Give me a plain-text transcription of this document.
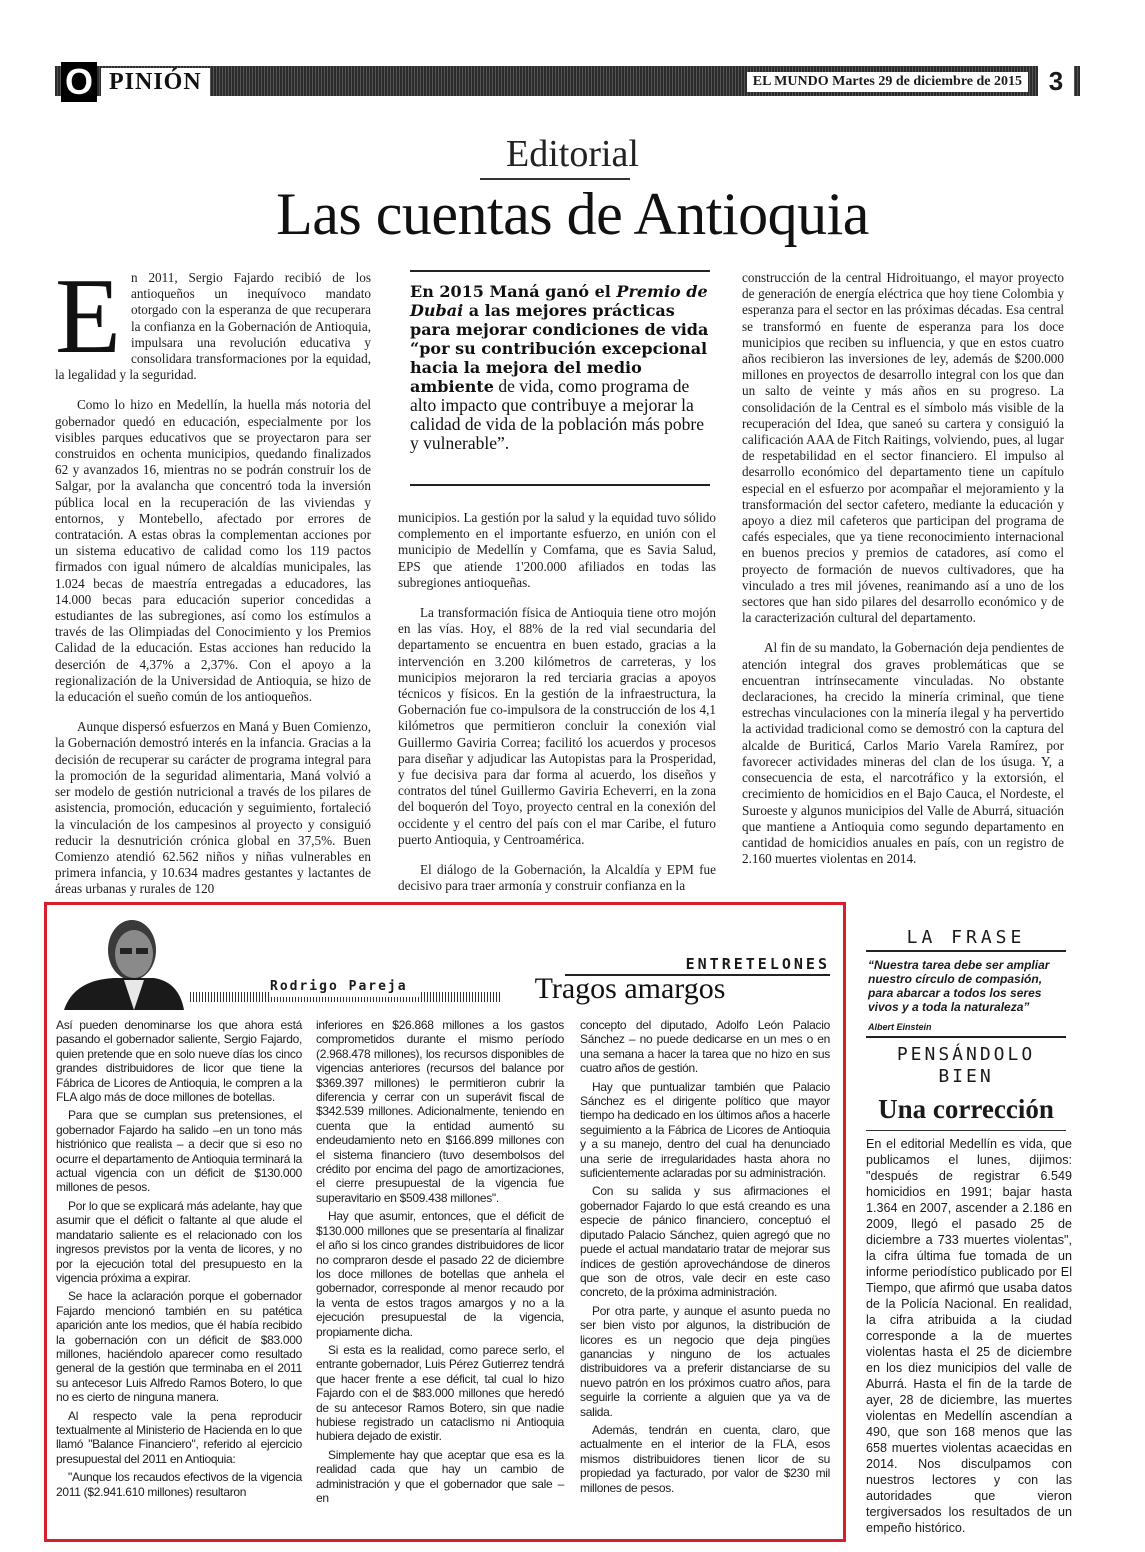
O PINIÓN	EL MUNDO Martes 29 de diciembre de 2015	3
Editorial
Las cuentas de Antioquia

En 2011, Sergio Fajardo recibió de los antioqueños un inequívoco mandato otorgado con la esperanza de que recuperara la confianza en la Gobernación de Antioquia, impulsara una revolución educativa y consolidara transformaciones por la equidad, la legalidad y la seguridad.

Como lo hizo en Medellín, la huella más notoria del gobernador quedó en educación, especialmente por los visibles parques educativos que se proyectaron para ser construidos en ochenta municipios, quedando finalizados 62 y avanzados 16, mientras no se podrán construir los de Salgar, por la avalancha que concentró toda la inversión pública local en la recuperación de las viviendas y entornos, y Montebello, afectado por errores de contratación. A estas obras la complementan acciones por un sistema educativo de calidad como los 119 pactos firmados con igual número de alcaldías municipales, las 1.024 becas de maestría entregadas a educadores, las 14.000 becas para educación superior concedidas a estudiantes de las subregiones, así como los estímulos a través de las Olimpiadas del Conocimiento y los Premios Calidad de la educación. Estas acciones han reducido la deserción de 4,37% a 2,37%. Con el apoyo a la regionalización de la Universidad de Antioquia, se hizo de la educación el sueño común de los antioqueños.

Aunque dispersó esfuerzos en Maná y Buen Comienzo, la Gobernación demostró interés en la infancia. Gracias a la decisión de recuperar su carácter de programa integral para la promoción de la seguridad alimentaria, Maná volvió a ser modelo de gestión nutricional a través de los pilares de asistencia, promoción, educación y seguimiento, fortaleció la vinculación de los campesinos al proyecto y consiguió reducir la desnutrición crónica global en 37,5%. Buen Comienzo atendió 62.562 niños y niñas vulnerables en primera infancia, y 10.634 madres gestantes y lactantes de áreas urbanas y rurales de 120

En 2015 Maná ganó el Premio de Dubai a las mejores prácticas para mejorar condiciones de vida “por su contribución excepcional hacia la mejora del medio ambiente de vida, como programa de alto impacto que contribuye a mejorar la calidad de vida de la población más pobre y vulnerable”.

municipios. La gestión por la salud y la equidad tuvo sólido complemento en el importante esfuerzo, en unión con el municipio de Medellín y Comfama, que es Savia Salud, EPS que atiende 1'200.000 afiliados en todas las subregiones antioqueñas.

La transformación física de Antioquia tiene otro mojón en las vías. Hoy, el 88% de la red vial secundaria del departamento se encuentra en buen estado, gracias a la intervención en 3.200 kilómetros de carreteras, y los municipios mejoraron la red terciaria gracias a apoyos técnicos y físicos. En la gestión de la infraestructura, la Gobernación fue co-impulsora de la construcción de los 4,1 kilómetros que permitieron concluir la conexión vial Guillermo Gaviria Correa; facilitó los acuerdos y procesos para diseñar y adjudicar las Autopistas para la Prosperidad, y fue decisiva para dar forma al acuerdo, los diseños y contratos del túnel Guillermo Gaviria Echeverri, en la zona del boquerón del Toyo, proyecto central en la conexión del occidente y el centro del país con el mar Caribe, el futuro puerto Antioquia, y Centroamérica.

El diálogo de la Gobernación, la Alcaldía y EPM fue decisivo para traer armonía y construir confianza en la

construcción de la central Hidroituango, el mayor proyecto de generación de energía eléctrica que hoy tiene Colombia y esperanza para el sector en las próximas décadas. Esa central se transformó en fuente de esperanza para los doce municipios que reciben su influencia, y que en estos cuatro años recibieron las inversiones de ley, además de $200.000 millones en proyectos de desarrollo integral con los que dan un salto de veinte y más años en su progreso. La consolidación de la Central es el símbolo más visible de la recuperación del Idea, que saneó su cartera y consiguió la calificación AAA de Fitch Raitings, volviendo, pues, al lugar de respetabilidad en el sector financiero. El impulso al desarrollo económico del departamento tiene un capítulo especial en el esfuerzo por acompañar el mejoramiento y la transformación del sector cafetero, mediante la educación y apoyo a diez mil cafeteros que participan del programa de cafés especiales, que ya tiene reconocimiento internacional en buenos precios y premios de catadores, así como el proyecto de formación de nuevos cultivadores, que ha vinculado a tres mil jóvenes, reanimando así a uno de los sectores que han sido pilares del desarrollo económico y de la caracterización cultural del departamento.

Al fin de su mandato, la Gobernación deja pendientes de atención integral dos graves problemáticas que se encuentran intrínsecamente vinculadas. No obstante declaraciones, ha crecido la minería criminal, que tiene estrechas vinculaciones con la minería ilegal y ha pervertido la actividad tradicional como se demostró con la captura del alcalde de Buriticá, Carlos Mario Varela Ramírez, por favorecer actividades mineras del clan de los úsuga. Y, a consecuencia de esta, el narcotráfico y la extorsión, el crecimiento de homicidios en el Bajo Cauca, el Nordeste, el Suroeste y algunos municipios del Valle de Aburrá, situación que mantiene a Antioquia como segundo departamento en cantidad de homicidios anuales en país, con un registro de 2.160 muertes violentas en 2014.

Rodrigo Pareja
ENTRETELONES
Tragos amargos

Así pueden denominarse los que ahora está pasando el gobernador saliente, Sergio Fajardo, quien pretende que en solo nueve días los cinco grandes distribuidores de licor que tiene la Fábrica de Licores de Antioquia, le compren a la FLA algo más de doce millones de botellas.

Para que se cumplan sus pretensiones, el gobernador Fajardo ha salido –en un tono más histriónico que realista – a decir que si eso no ocurre el departamento de Antioquia terminará la actual vigencia con un déficit de $130.000 millones de pesos.

Por lo que se explicará más adelante, hay que asumir que el déficit o faltante al que alude el mandatario saliente es el relacionado con los ingresos previstos por la venta de licores, y no por la ejecución total del presupuesto en la vigencia próxima a expirar.

Se hace la aclaración porque el gobernador Fajardo mencionó también en su patética aparición ante los medios, que él había recibido la gobernación con un déficit de $83.000 millones, haciéndolo aparecer como resultado general de la gestión que terminaba en el 2011 su antecesor Luis Alfredo Ramos Botero, lo que no es cierto de ninguna manera.

Al respecto vale la pena reproducir textualmente al Ministerio de Hacienda en lo que llamó "Balance Financiero", referido al ejercicio presupuestal del 2011 en Antioquia:

"Aunque los recaudos efectivos de la vigencia 2011 ($2.941.610 millones) resultaron

inferiores en $26.868 millones a los gastos comprometidos durante el mismo período (2.968.478 millones), los recursos disponibles de vigencias anteriores (recursos del balance por $369.397 millones) le permitieron cubrir la diferencia y cerrar con un superávit fiscal de $342.539 millones. Adicionalmente, teniendo en cuenta que la entidad aumentó su endeudamiento neto en $166.899 millones con el sistema financiero (tuvo desembolsos del crédito por encima del pago de amortizaciones, el cierre presupuestal de la vigencia fue superavitario en $509.438 millones".

Hay que asumir, entonces, que el déficit de $130.000 millones que se presentaría al finalizar el año si los cinco grandes distribuidores de licor no compraron desde el pasado 22 de diciembre los doce millones de botellas que anhela el gobernador, corresponde al menor recaudo por la venta de estos tragos amargos y no a la ejecución presupuestal de la vigencia, propiamente dicha.

Si esta es la realidad, como parece serlo, el entrante gobernador, Luis Pérez Gutierrez tendrá que hacer frente a ese déficit, tal cual lo hizo Fajardo con el de $83.000 millones que heredó de su antecesor Ramos Botero, sin que nadie hubiese registrado un cataclismo ni Antioquia hubiera dejado de existir.

Simplemente hay que aceptar que esa es la realidad cada que hay un cambio de administración y que el gobernador que sale – en

concepto del diputado, Adolfo León Palacio Sánchez – no puede dedicarse en un mes o en una semana a hacer la tarea que no hizo en sus cuatro años de gestión.

Hay que puntualizar también que Palacio Sánchez es el dirigente político que mayor tiempo ha dedicado en los últimos años a hacerle seguimiento a la Fábrica de Licores de Antioquia y a su manejo, dentro del cual ha denunciado una serie de irregularidades hasta ahora no suficientemente aclaradas por su administración.

Con su salida y sus afirmaciones el gobernador Fajardo lo que está creando es una especie de pánico financiero, conceptuó el diputado Palacio Sánchez, quien agregó que no puede el actual mandatario tratar de mejorar sus índices de gestión aprovechándose de dineros que son de otros, vale decir en este caso concreto, de la próxima administración.

Por otra parte, y aunque el asunto pueda no ser bien visto por algunos, la distribución de licores es un negocio que deja pingües ganancias y ninguno de los actuales distribuidores va a preferir distanciarse de su nuevo patrón en los próximos cuatro años, para seguirle la corriente a alguien que ya va de salida.

Además, tendrán en cuenta, claro, que actualmente en el interior de la FLA, esos mismos distribuidores tienen licor de su propiedad ya facturado, por valor de $230 mil millones de pesos.

LA FRASE
“Nuestra tarea debe ser ampliar nuestro círculo de compasión, para abarcar a todos los seres vivos y a toda la naturaleza”
Albert Einstein
PENSÁNDOLO
BIEN
Una corrección
En el editorial Medellín es vida, que publicamos el lunes, dijimos: "después de registrar 6.549 homicidios en 1991; bajar hasta 1.364 en 2007, ascender a 2.186 en 2009, llegó el pasado 25 de diciembre a 733 muertes violentas", la cifra última fue tomada de un informe periodístico publicado por El Tiempo, que afirmó que usaba datos de la Policía Nacional. En realidad, la cifra atribuida a la ciudad corresponde a la de muertes violentas hasta el 25 de diciembre en los diez municipios del valle de Aburrá. Hasta el fin de la tarde de ayer, 28 de diciembre, las muertes violentas en Medellín ascendían a 490, que son 168 menos que las 658 muertes violentas acaecidas en 2014. Nos disculpamos con nuestros lectores y con las autoridades que vieron tergiversados los resultados de un empeño histórico.
